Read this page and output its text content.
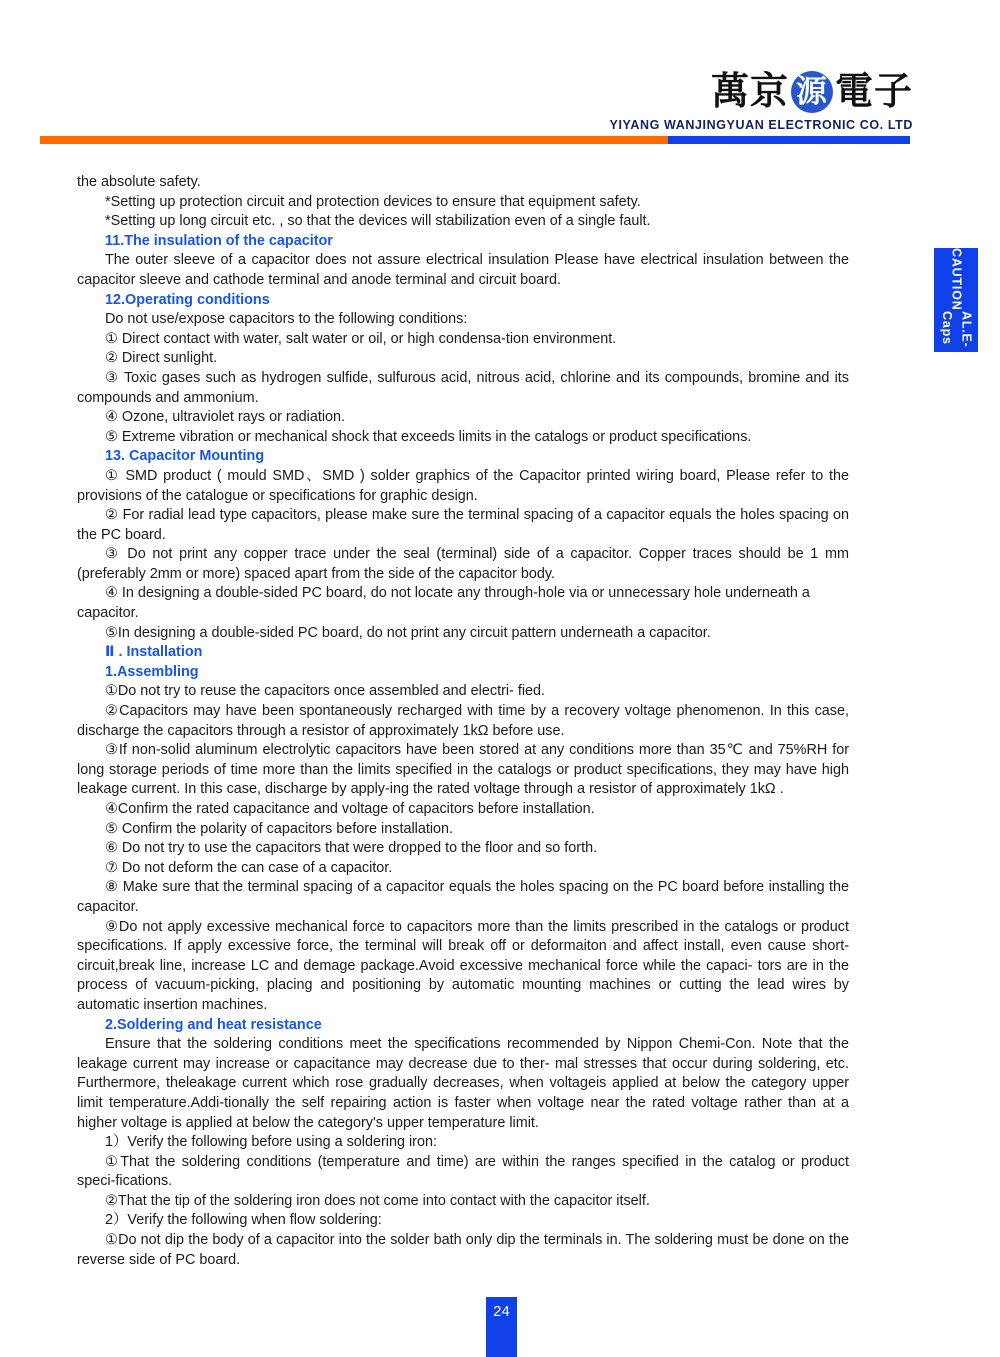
萬京 源 電子
YIYANG WANJINGYUAN ELECTRONIC CO. LTD
CAUTION
AL.E-Caps

the absolute safety.

*Setting up protection circuit and protection devices to ensure that equipment safety.

*Setting up long circuit etc. , so that the devices will stabilization even of a single fault.

11.The insulation of the capacitor

The outer sleeve of a capacitor does not assure electrical insulation Please have electrical insulation between the capacitor sleeve and cathode terminal and anode terminal and circuit board.

12.Operating conditions

Do not use/expose capacitors to the following conditions:

① Direct contact with water, salt water or oil, or high condensa-tion environment.

② Direct sunlight.

③ Toxic gases such as hydrogen sulfide, sulfurous acid, nitrous acid, chlorine and its compounds, bromine and its compounds and ammonium.

④ Ozone, ultraviolet rays or radiation.

⑤ Extreme vibration or mechanical shock that exceeds limits in the catalogs or product specifications.

13. Capacitor Mounting

① SMD product ( mould SMD、SMD ) solder graphics of the Capacitor printed wiring board, Please refer to the provisions of the catalogue or specifications for graphic design.

② For radial lead type capacitors, please make sure the terminal spacing of a capacitor equals the holes spacing on the PC board.

③ Do not print any copper trace under the seal (terminal) side of a capacitor. Copper traces should be 1 mm (preferably 2mm or more) spaced apart from the side of the capacitor body.

④ In designing a double-sided PC board, do not locate any through-hole via or unnecessary hole underneath a capacitor.

⑤In designing a double-sided PC board, do not print any circuit pattern underneath a capacitor.

Ⅱ . Installation

1.Assembling

①Do not try to reuse the capacitors once assembled and electri- fied.

②Capacitors may have been spontaneously recharged with time by a recovery voltage phenomenon. In this case, discharge the capacitors through a resistor of approximately 1kΩ before use.

③If non-solid aluminum electrolytic capacitors have been stored at any conditions more than 35℃ and 75%RH for long storage periods of time more than the limits specified in the catalogs or product specifications, they may have high leakage current. In this case, discharge by apply-ing the rated voltage through a resistor of approximately 1kΩ .

④Confirm the rated capacitance and voltage of capacitors before installation.

⑤ Confirm the polarity of capacitors before installation.

⑥ Do not try to use the capacitors that were dropped to the floor and so forth.

⑦ Do not deform the can case of a capacitor.

⑧ Make sure that the terminal spacing of a capacitor equals the holes spacing on the PC board before installing the capacitor.

⑨Do not apply excessive mechanical force to capacitors more than the limits prescribed in the catalogs or product specifications. If apply excessive force, the terminal will break off or deformaiton and affect install, even cause short-circuit,break line, increase LC and demage package.Avoid excessive mechanical force while the capaci- tors are in the process of vacuum-picking, placing and positioning by automatic mounting machines or cutting the lead wires by automatic insertion machines.

2.Soldering and heat resistance

Ensure that the soldering conditions meet the specifications recommended by Nippon Chemi-Con. Note that the leakage current may increase or capacitance may decrease due to ther- mal stresses that occur during soldering, etc. Furthermore, theleakage current which rose gradually decreases, when voltageis applied at below the category upper limit temperature.Addi-tionally the self repairing action is faster when voltage near the rated voltage rather than at a higher voltage is applied at below the category's upper temperature limit.

1）Verify the following before using a soldering iron:

①That the soldering conditions (temperature and time) are within the ranges specified in the catalog or product speci-fications.

②That the tip of the soldering iron does not come into contact with the capacitor itself.

2）Verify the following when flow soldering:

①Do not dip the body of a capacitor into the solder bath only dip the terminals in. The soldering must be done on the reverse side of PC board.

24
